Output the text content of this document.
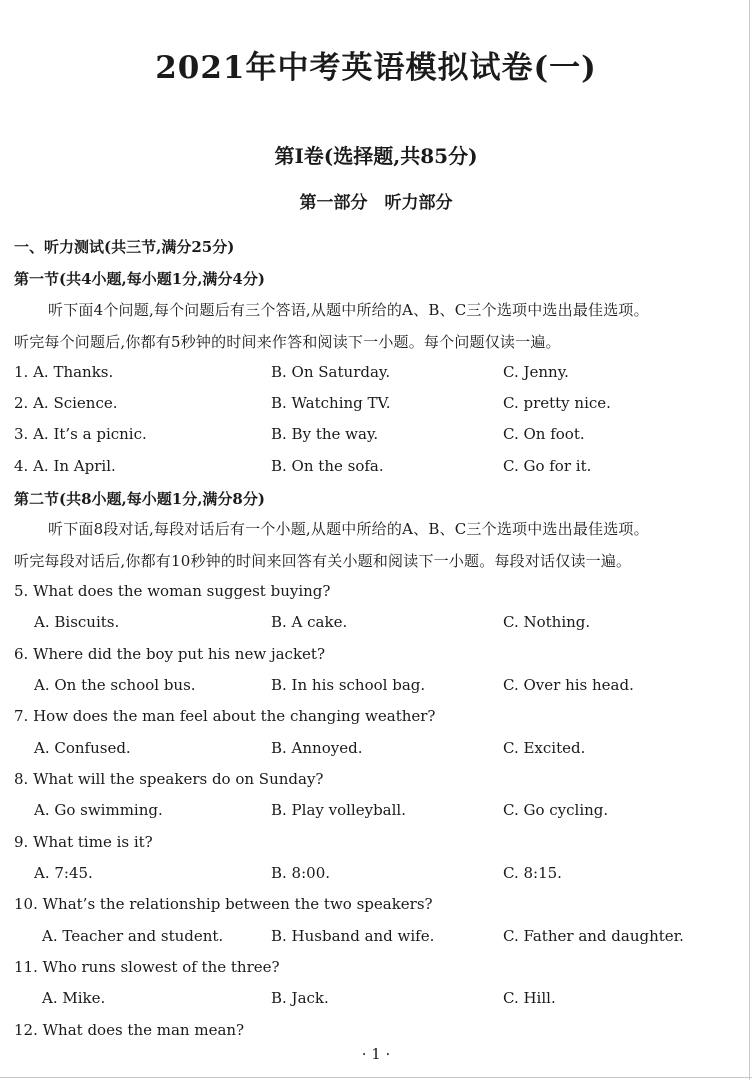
2021年中考英语模拟试卷(一)
第Ⅰ卷(选择题,共85分)
第一部分　听力部分
一、听力测试(共三节,满分25分)
第一节(共4小题,每小题1分,满分4分)
听下面4个问题,每个问题后有三个答语,从题中所给的A、B、C三个选项中选出最佳选项。
听完每个问题后,你都有5秒钟的时间来作答和阅读下一小题。每个问题仅读一遍。
1. A. Thanks.	B. On Saturday.	C. Jenny.
2. A. Science.	B. Watching TV.	C. pretty nice.
3. A. It’s a picnic.	B. By the way.	C. On foot.
4. A. In April.	B. On the sofa.	C. Go for it.
第二节(共8小题,每小题1分,满分8分)
听下面8段对话,每段对话后有一个小题,从题中所给的A、B、C三个选项中选出最佳选项。
听完每段对话后,你都有10秒钟的时间来回答有关小题和阅读下一小题。每段对话仅读一遍。
5. What does the woman suggest buying?
A. Biscuits.	B. A cake.	C. Nothing.
6. Where did the boy put his new jacket?
A. On the school bus.	B. In his school bag.	C. Over his head.
7. How does the man feel about the changing weather?
A. Confused.	B. Annoyed.	C. Excited.
8. What will the speakers do on Sunday?
A. Go swimming.	B. Play volleyball.	C. Go cycling.
9. What time is it?
A. 7:45.	B. 8:00.	C. 8:15.
10. What’s the relationship between the two speakers?
A. Teacher and student.	B. Husband and wife.	C. Father and daughter.
11. Who runs slowest of the three?
A. Mike.	B. Jack.	C. Hill.
12. What does the man mean?
· 1 ·
